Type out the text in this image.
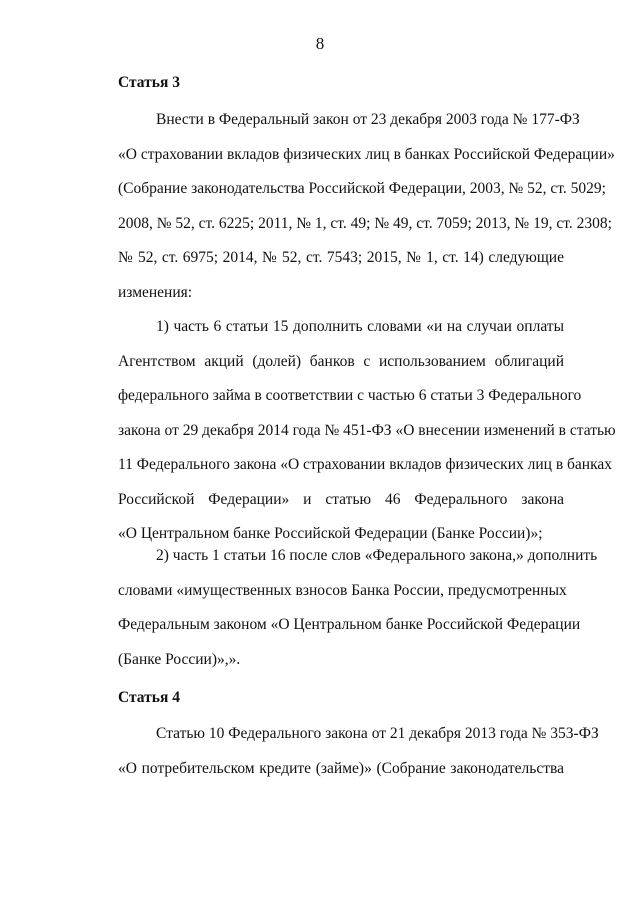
8
Статья 3
Внести в Федеральный закон от 23 декабря 2003 года № 177-ФЗ
«О страховании вкладов физических лиц в банках Российской Федерации»
(Собрание законодательства Российской Федерации, 2003, № 52, ст. 5029;
2008, № 52, ст. 6225; 2011, № 1, ст. 49; № 49, ст. 7059; 2013, № 19, ст. 2308;
№ 52, ст. 6975; 2014, № 52, ст. 7543; 2015, № 1, ст. 14) следующие
изменения:
1) часть 6 статьи 15 дополнить словами «и на случаи оплаты
Агентством акций (долей) банков с использованием облигаций
федерального займа в соответствии с частью 6 статьи 3 Федерального
закона от 29 декабря 2014 года № 451-ФЗ «О внесении изменений в статью
11 Федерального закона «О страховании вкладов физических лиц в банках
Российской Федерации» и статью 46 Федерального закона
«О Центральном банке Российской Федерации (Банке России)»;
2) часть 1 статьи 16 после слов «Федерального закона,» дополнить
словами «имущественных взносов Банка России, предусмотренных
Федеральным законом «О Центральном банке Российской Федерации
(Банке России)»,».
Статья 4
Статью 10 Федерального закона от 21 декабря 2013 года № 353-ФЗ
«О потребительском кредите (займе)» (Собрание законодательства
